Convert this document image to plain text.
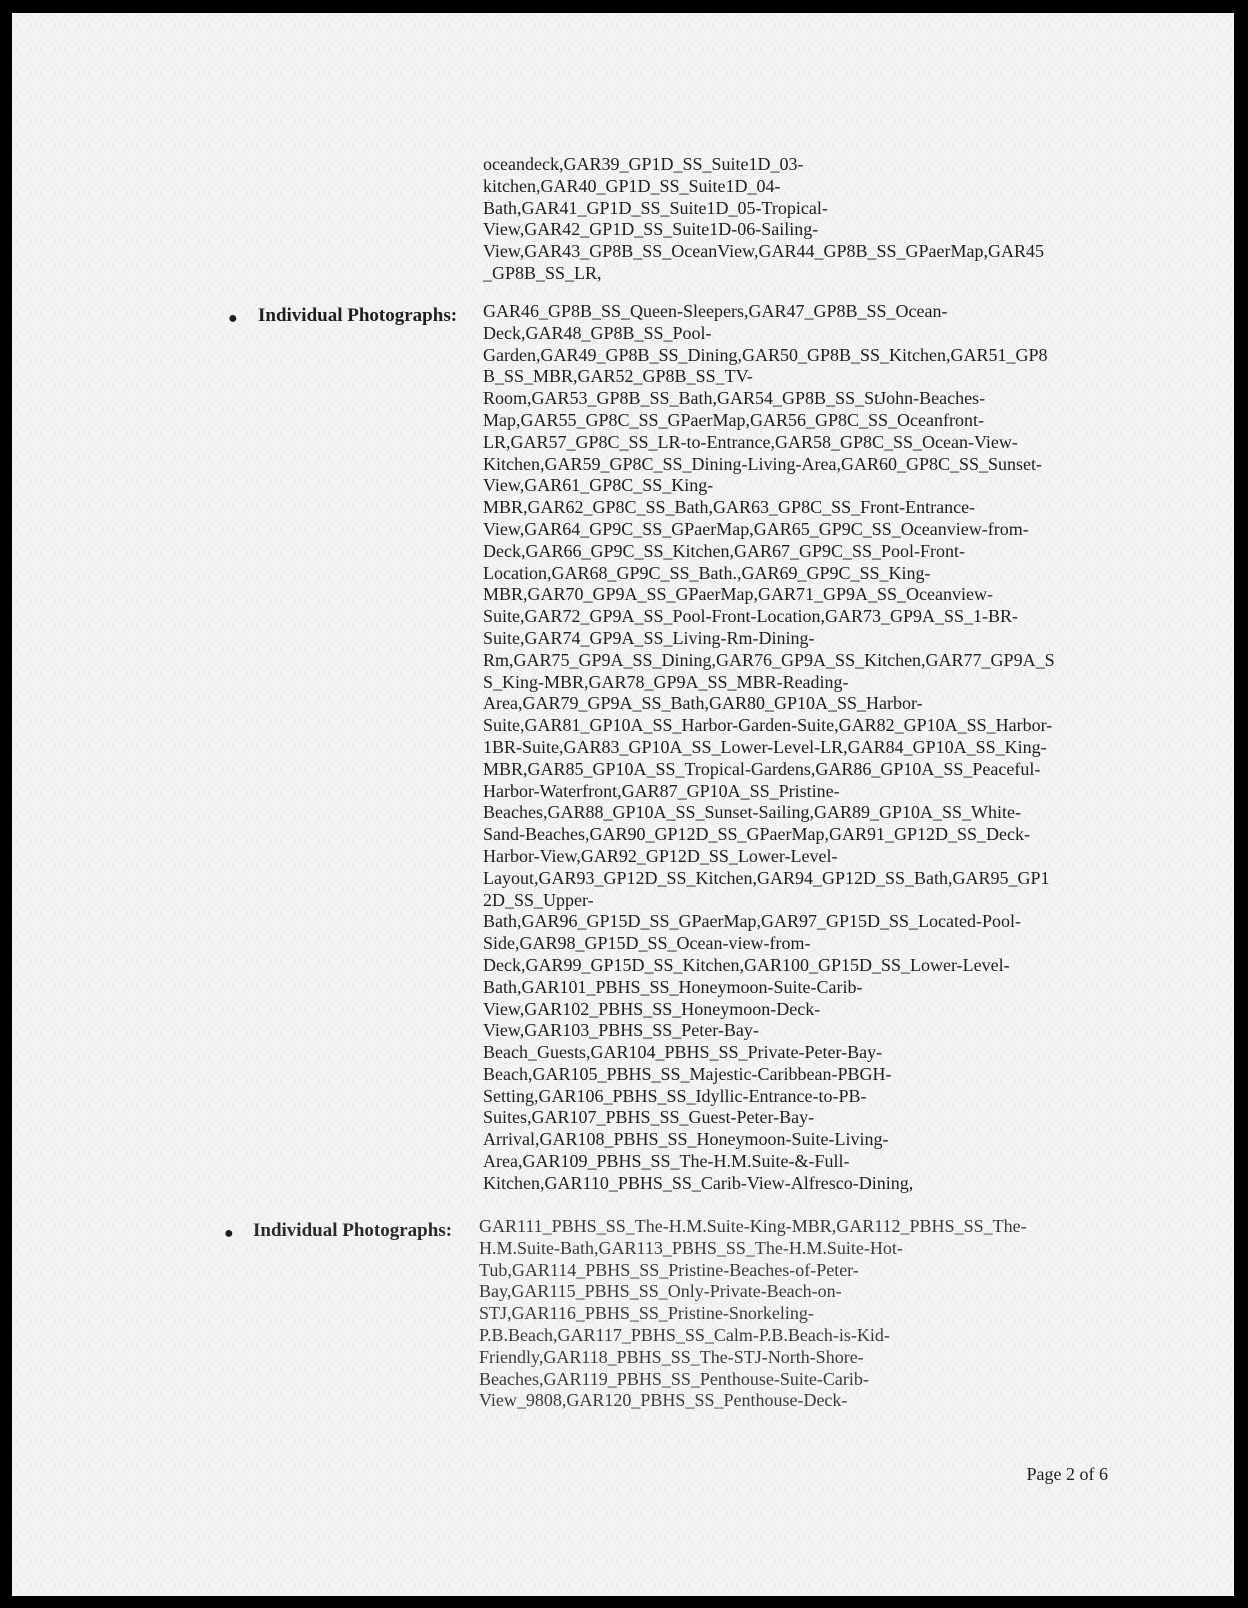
oceandeck,GAR39_GP1D_SS_Suite1D_03-
kitchen,GAR40_GP1D_SS_Suite1D_04-
Bath,GAR41_GP1D_SS_Suite1D_05-Tropical-
View,GAR42_GP1D_SS_Suite1D-06-Sailing-
View,GAR43_GP8B_SS_OceanView,GAR44_GP8B_SS_GPaerMap,GAR45
_GP8B_SS_LR,

● Individual Photographs: GAR46_GP8B_SS_Queen-Sleepers,GAR47_GP8B_SS_Ocean-
Deck,GAR48_GP8B_SS_Pool-
Garden,GAR49_GP8B_SS_Dining,GAR50_GP8B_SS_Kitchen,GAR51_GP8
B_SS_MBR,GAR52_GP8B_SS_TV-
Room,GAR53_GP8B_SS_Bath,GAR54_GP8B_SS_StJohn-Beaches-
Map,GAR55_GP8C_SS_GPaerMap,GAR56_GP8C_SS_Oceanfront-
LR,GAR57_GP8C_SS_LR-to-Entrance,GAR58_GP8C_SS_Ocean-View-
Kitchen,GAR59_GP8C_SS_Dining-Living-Area,GAR60_GP8C_SS_Sunset-
View,GAR61_GP8C_SS_King-
MBR,GAR62_GP8C_SS_Bath,GAR63_GP8C_SS_Front-Entrance-
View,GAR64_GP9C_SS_GPaerMap,GAR65_GP9C_SS_Oceanview-from-
Deck,GAR66_GP9C_SS_Kitchen,GAR67_GP9C_SS_Pool-Front-
Location,GAR68_GP9C_SS_Bath.,GAR69_GP9C_SS_King-
MBR,GAR70_GP9A_SS_GPaerMap,GAR71_GP9A_SS_Oceanview-
Suite,GAR72_GP9A_SS_Pool-Front-Location,GAR73_GP9A_SS_1-BR-
Suite,GAR74_GP9A_SS_Living-Rm-Dining-
Rm,GAR75_GP9A_SS_Dining,GAR76_GP9A_SS_Kitchen,GAR77_GP9A_S
S_King-MBR,GAR78_GP9A_SS_MBR-Reading-
Area,GAR79_GP9A_SS_Bath,GAR80_GP10A_SS_Harbor-
Suite,GAR81_GP10A_SS_Harbor-Garden-Suite,GAR82_GP10A_SS_Harbor-
1BR-Suite,GAR83_GP10A_SS_Lower-Level-LR,GAR84_GP10A_SS_King-
MBR,GAR85_GP10A_SS_Tropical-Gardens,GAR86_GP10A_SS_Peaceful-
Harbor-Waterfront,GAR87_GP10A_SS_Pristine-
Beaches,GAR88_GP10A_SS_Sunset-Sailing,GAR89_GP10A_SS_White-
Sand-Beaches,GAR90_GP12D_SS_GPaerMap,GAR91_GP12D_SS_Deck-
Harbor-View,GAR92_GP12D_SS_Lower-Level-
Layout,GAR93_GP12D_SS_Kitchen,GAR94_GP12D_SS_Bath,GAR95_GP1
2D_SS_Upper-
Bath,GAR96_GP15D_SS_GPaerMap,GAR97_GP15D_SS_Located-Pool-
Side,GAR98_GP15D_SS_Ocean-view-from-
Deck,GAR99_GP15D_SS_Kitchen,GAR100_GP15D_SS_Lower-Level-
Bath,GAR101_PBHS_SS_Honeymoon-Suite-Carib-
View,GAR102_PBHS_SS_Honeymoon-Deck-
View,GAR103_PBHS_SS_Peter-Bay-
Beach_Guests,GAR104_PBHS_SS_Private-Peter-Bay-
Beach,GAR105_PBHS_SS_Majestic-Caribbean-PBGH-
Setting,GAR106_PBHS_SS_Idyllic-Entrance-to-PB-
Suites,GAR107_PBHS_SS_Guest-Peter-Bay-
Arrival,GAR108_PBHS_SS_Honeymoon-Suite-Living-
Area,GAR109_PBHS_SS_The-H.M.Suite-&-Full-
Kitchen,GAR110_PBHS_SS_Carib-View-Alfresco-Dining,

● Individual Photographs: GAR111_PBHS_SS_The-H.M.Suite-King-MBR,GAR112_PBHS_SS_The-
H.M.Suite-Bath,GAR113_PBHS_SS_The-H.M.Suite-Hot-
Tub,GAR114_PBHS_SS_Pristine-Beaches-of-Peter-
Bay,GAR115_PBHS_SS_Only-Private-Beach-on-
STJ,GAR116_PBHS_SS_Pristine-Snorkeling-
P.B.Beach,GAR117_PBHS_SS_Calm-P.B.Beach-is-Kid-
Friendly,GAR118_PBHS_SS_The-STJ-North-Shore-
Beaches,GAR119_PBHS_SS_Penthouse-Suite-Carib-
View_9808,GAR120_PBHS_SS_Penthouse-Deck-

Page 2 of 6
